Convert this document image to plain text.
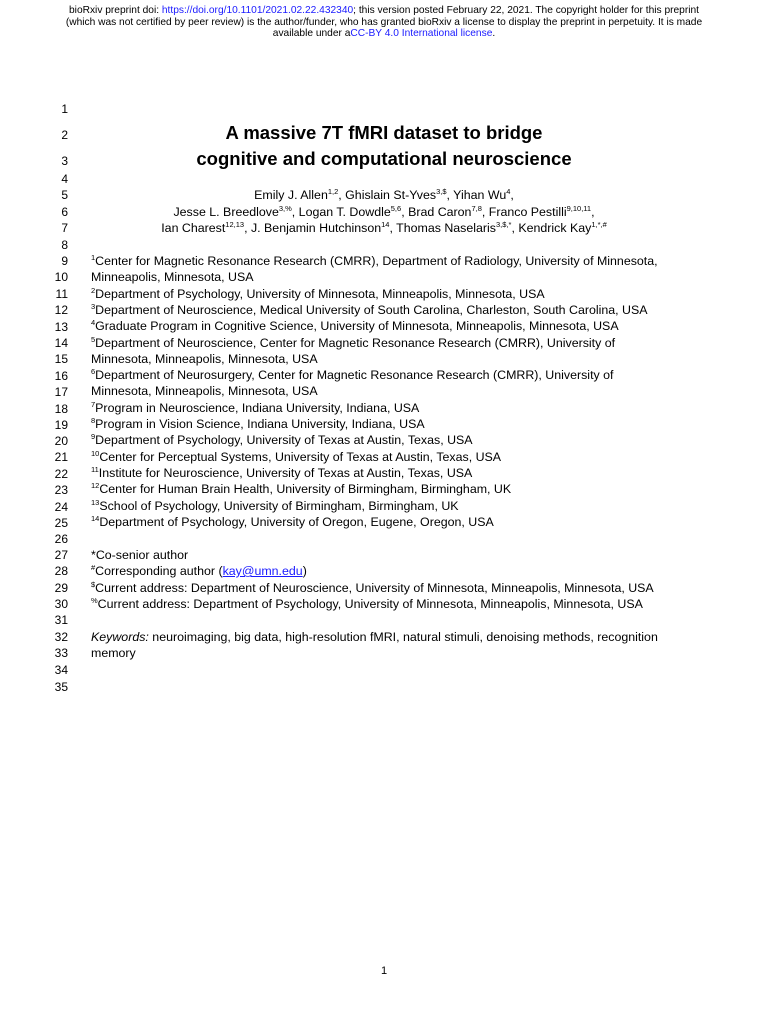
bioRxiv preprint doi: https://doi.org/10.1101/2021.02.22.432340; this version posted February 22, 2021. The copyright holder for this preprint
(which was not certified by peer review) is the author/funder, who has granted bioRxiv a license to display the preprint in perpetuity. It is made
available under aCC-BY 4.0 International license.
1
2
3
4
5
6
7
8
9
10
11
12
13
14
15
16
17
18
19
20
21
22
23
24
25
26
27
28
29
30
31
32
33
34
35
A massive 7T fMRI dataset to bridge
cognitive and computational neuroscience
Emily J. Allen$^{1,2}$, Ghislain St-Yves$^{3,\$}$, Yihan Wu$^4$,
Jesse L. Breedlove$^{3,\%}$, Logan T. Dowdle$^{5,6}$, Brad Caron$^{7,8}$, Franco Pestilli$^{9,10,11}$,
Ian Charest$^{12,13}$, J. Benjamin Hutchinson$^{14}$, Thomas Naselaris$^{3,\$,*}$, Kendrick Kay$^{1,*,\#}$
$^1$Center for Magnetic Resonance Research (CMRR), Department of Radiology, University of Minnesota,
Minneapolis, Minnesota, USA
$^2$Department of Psychology, University of Minnesota, Minneapolis, Minnesota, USA
$^3$Department of Neuroscience, Medical University of South Carolina, Charleston, South Carolina, USA
$^4$Graduate Program in Cognitive Science, University of Minnesota, Minneapolis, Minnesota, USA
$^5$Department of Neuroscience, Center for Magnetic Resonance Research (CMRR), University of
Minnesota, Minneapolis, Minnesota, USA
$^6$Department of Neurosurgery, Center for Magnetic Resonance Research (CMRR), University of
Minnesota, Minneapolis, Minnesota, USA
$^7$Program in Neuroscience, Indiana University, Indiana, USA
$^8$Program in Vision Science, Indiana University, Indiana, USA
$^9$Department of Psychology, University of Texas at Austin, Texas, USA
$^{10}$Center for Perceptual Systems, University of Texas at Austin, Texas, USA
$^{11}$Institute for Neuroscience, University of Texas at Austin, Texas, USA
$^{12}$Center for Human Brain Health, University of Birmingham, Birmingham, UK
$^{13}$School of Psychology, University of Birmingham, Birmingham, UK
$^{14}$Department of Psychology, University of Oregon, Eugene, Oregon, USA
*Co-senior author
#Corresponding author (kay@umn.edu)
$Current address: Department of Neuroscience, University of Minnesota, Minneapolis, Minnesota, USA
%Current address: Department of Psychology, University of Minnesota, Minneapolis, Minnesota, USA
Keywords: neuroimaging, big data, high-resolution fMRI, natural stimuli, denoising methods, recognition
memory
1
